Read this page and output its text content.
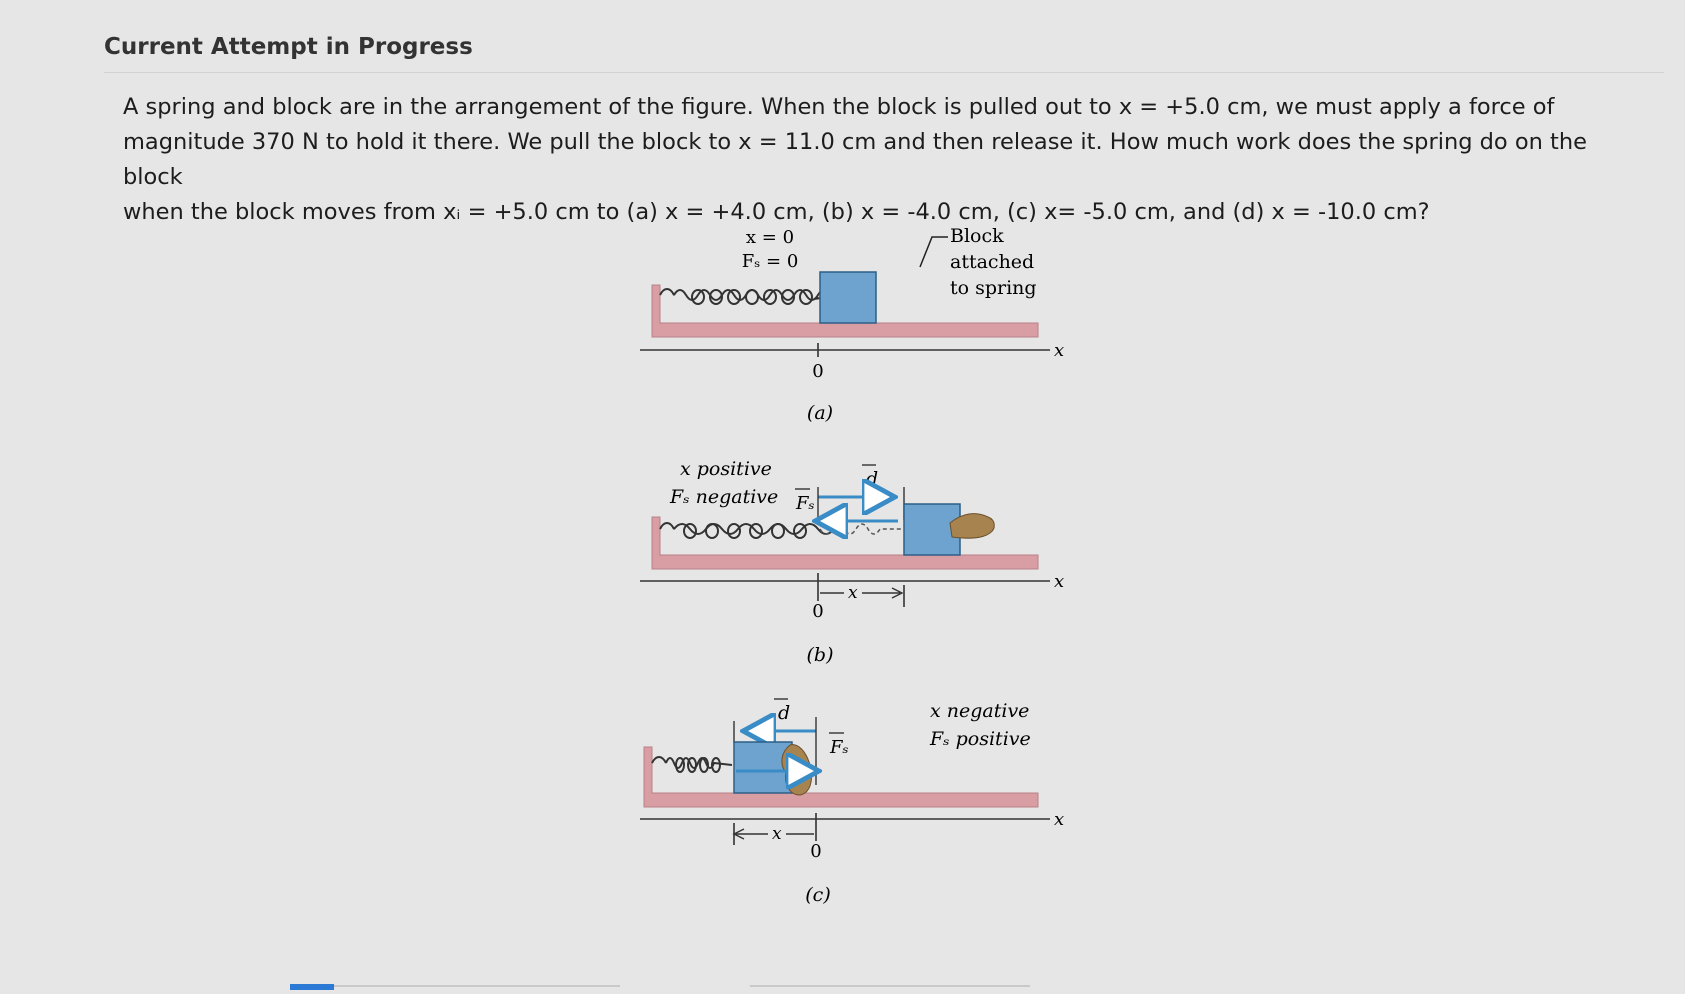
Current Attempt in Progress

A spring and block are in the arrangement of the figure. When the block is pulled out to x = +5.0 cm, we must apply a force of

magnitude 370 N to hold it there. We pull the block to x = 11.0 cm and then release it. How much work does the spring do on the block

when the block moves from xᵢ = +5.0 cm to (a) x = +4.0 cm, (b) x = -4.0 cm, (c) x= -5.0 cm, and (d) x = -10.0 cm?

x = 0
Fₛ = 0
Block
attached
to spring
x
0
(a)
x positive
Fₛ negative
d
Fₛ
x
x
0
(b)
x negative
Fₛ positive
d
Fₛ
x
x
0
(c)
